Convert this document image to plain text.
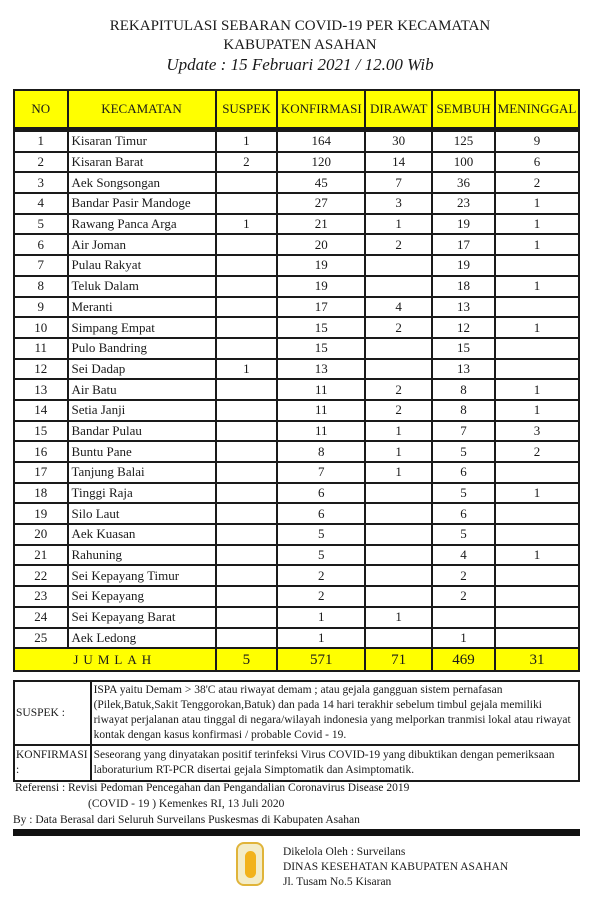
REKAPITULASI SEBARAN COVID-19 PER KECAMATAN
KABUPATEN ASAHAN
Update : 15 Februari 2021 / 12.00 Wib
NO	KECAMATAN	SUSPEK	KONFIRMASI	DIRAWAT	SEMBUH	MENINGGAL
1	Kisaran Timur	1	164	30	125	9
2	Kisaran Barat	2	120	14	100	6
3	Aek Songsongan		45	7	36	2
4	Bandar Pasir Mandoge		27	3	23	1
5	Rawang Panca Arga	1	21	1	19	1
6	Air Joman		20	2	17	1
7	Pulau Rakyat		19		19	
8	Teluk Dalam		19		18	1
9	Meranti		17	4	13	
10	Simpang Empat		15	2	12	1
11	Pulo Bandring		15		15	
12	Sei Dadap	1	13		13	
13	Air Batu		11	2	8	1
14	Setia Janji		11	2	8	1
15	Bandar Pulau		11	1	7	3
16	Buntu Pane		8	1	5	2
17	Tanjung Balai		7	1	6	
18	Tinggi Raja		6		5	1
19	Silo Laut		6		6	
20	Aek Kuasan		5		5	
21	Rahuning		5		4	1
22	Sei Kepayang Timur		2		2	
23	Sei Kepayang		2		2	
24	Sei Kepayang Barat		1	1		
25	Aek Ledong		1		1	
JUMLAH		5	571	71	469	31
SUSPEK :	ISPA yaitu Demam > 38'C atau riwayat demam ; atau gejala gangguan sistem pernafasan (Pilek,Batuk,Sakit Tenggorokan,Batuk) dan pada 14 hari terakhir sebelum timbul gejala memiliki riwayat perjalanan atau tinggal di negara/wilayah indonesia yang melporkan tranmisi lokal atau riwayat kontak dengan kasus konfirmasi / probable Covid - 19.
KONFIRMASI :	Seseorang yang dinyatakan positif terinfeksi Virus COVID-19 yang dibuktikan dengan pemeriksaan laboraturium RT-PCR disertai gejala Simptomatik dan Asimptomatik.
Referensi : Revisi Pedoman Pencegahan dan Pengandalian Coronavirus Disease 2019
(COVID - 19 ) Kemenkes RI, 13 Juli 2020
By : Data Berasal dari Seluruh Surveilans Puskesmas di Kabupaten Asahan
Dikelola Oleh : Surveilans
DINAS KESEHATAN KABUPATEN ASAHAN
Jl. Tusam No.5 Kisaran
